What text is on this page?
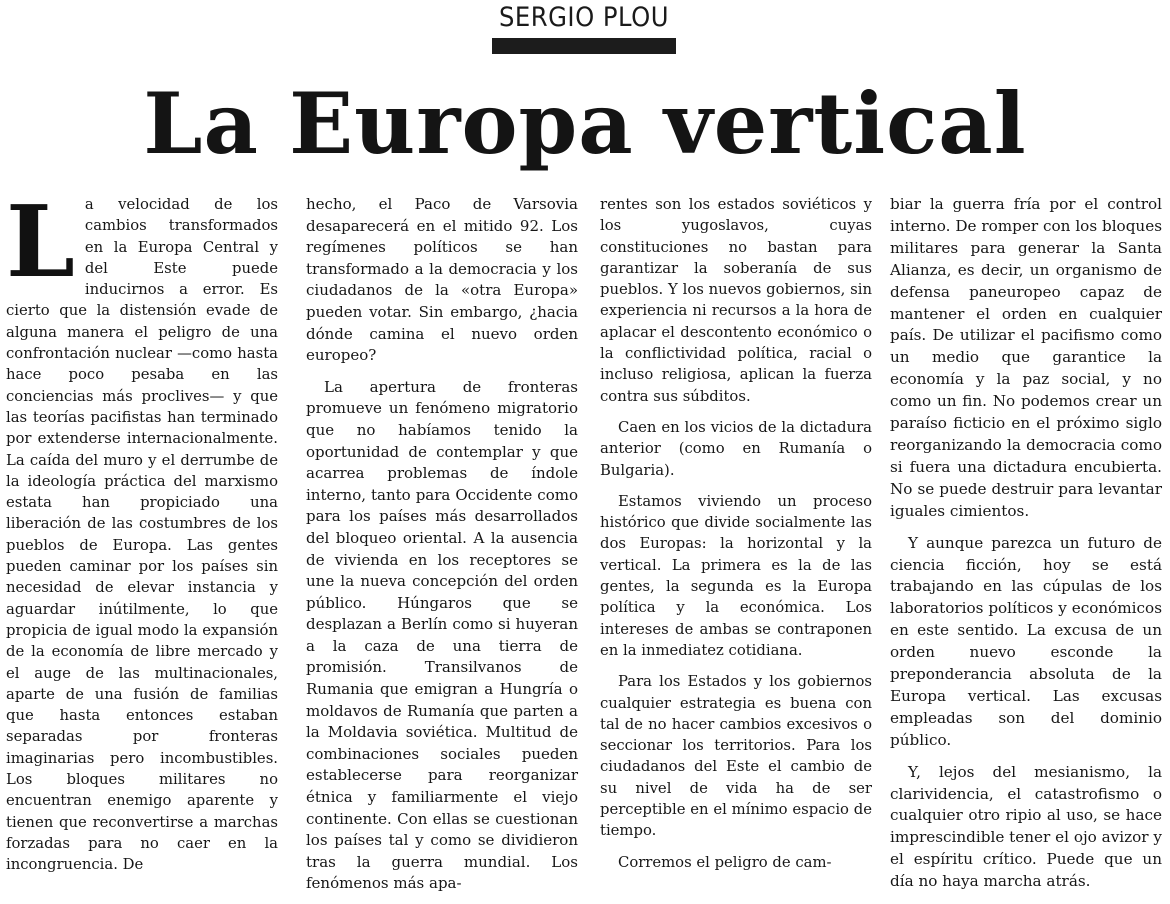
SERGIO PLOU
La Europa vertical

La velocidad de los cambios transformados en la Europa Central y del Este puede inducirnos a error. Es cierto que la distensión evade de alguna manera el peligro de una confrontación nuclear —como hasta hace poco pesaba en las conciencias más proclives— y que las teorías pacifistas han terminado por extenderse internacionalmente. La caída del muro y el derrumbe de la ideología práctica del marxismo estata han propiciado una liberación de las costumbres de los pueblos de Europa. Las gentes pueden caminar por los países sin necesidad de elevar instancia y aguardar inútilmente, lo que propicia de igual modo la expansión de la economía de libre mercado y el auge de las multinacionales, aparte de una fusión de familias que hasta entonces estaban separadas por fronteras imaginarias pero incombustibles. Los bloques militares no encuentran enemigo aparente y tienen que reconvertirse a marchas forzadas para no caer en la incongruencia. De

hecho, el Paco de Varsovia desaparecerá en el mitido 92. Los regímenes políticos se han transformado a la democracia y los ciudadanos de la «otra Europa» pueden votar. Sin embargo, ¿hacia dónde camina el nuevo orden europeo?

La apertura de fronteras promueve un fenómeno migratorio que no habíamos tenido la oportunidad de contemplar y que acarrea problemas de índole interno, tanto para Occidente como para los países más desarrollados del bloqueo oriental. A la ausencia de vivienda en los receptores se une la nueva concepción del orden público. Húngaros que se desplazan a Berlín como si huyeran a la caza de una tierra de promisión. Transilvanos de Rumania que emigran a Hungría o moldavos de Rumanía que parten a la Moldavia soviética. Multitud de combinaciones sociales pueden establecerse para reorganizar étnica y familiarmente el viejo continente. Con ellas se cuestionan los países tal y como se dividieron tras la guerra mundial. Los fenómenos más apa-

rentes son los estados soviéticos y los yugoslavos, cuyas constituciones no bastan para garantizar la soberanía de sus pueblos. Y los nuevos gobiernos, sin experiencia ni recursos a la hora de aplacar el descontento económico o la conflictividad política, racial o incluso religiosa, aplican la fuerza contra sus súbditos.

Caen en los vicios de la dictadura anterior (como en Rumanía o Bulgaria).

Estamos viviendo un proceso histórico que divide socialmente las dos Europas: la horizontal y la vertical. La primera es la de las gentes, la segunda es la Europa política y la económica. Los intereses de ambas se contraponen en la inmediatez cotidiana.

Para los Estados y los gobiernos cualquier estrategia es buena con tal de no hacer cambios excesivos o seccionar los territorios. Para los ciudadanos del Este el cambio de su nivel de vida ha de ser perceptible en el mínimo espacio de tiempo.

Corremos el peligro de cam-

biar la guerra fría por el control interno. De romper con los bloques militares para generar la Santa Alianza, es decir, un organismo de defensa paneuropeo capaz de mantener el orden en cualquier país. De utilizar el pacifismo como un medio que garantice la economía y la paz social, y no como un fin. No podemos crear un paraíso ficticio en el próximo siglo reorganizando la democracia como si fuera una dictadura encubierta. No se puede destruir para levantar iguales cimientos.

Y aunque parezca un futuro de ciencia ficción, hoy se está trabajando en las cúpulas de los laboratorios políticos y económicos en este sentido. La excusa de un orden nuevo esconde la preponderancia absoluta de la Europa vertical. Las excusas empleadas son del dominio público.

Y, lejos del mesianismo, la clarividencia, el catastrofismo o cualquier otro ripio al uso, se hace imprescindible tener el ojo avizor y el espíritu crítico. Puede que un día no haya marcha atrás.
